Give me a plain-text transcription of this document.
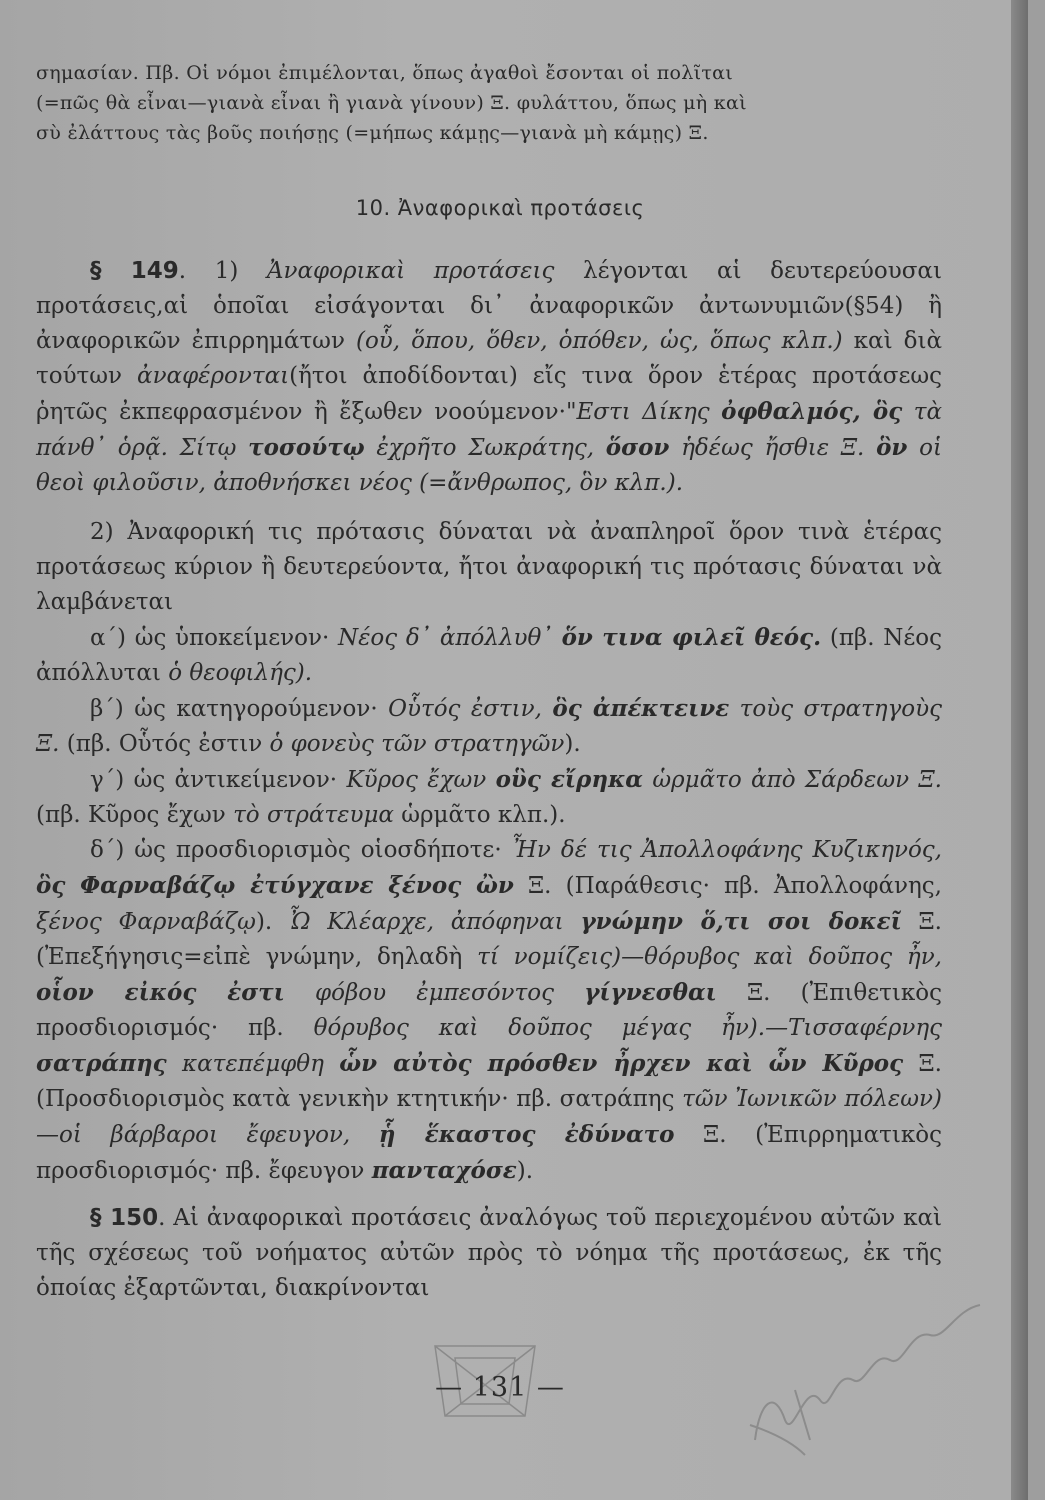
σημασίαν. Πβ. Οἱ νόμοι ἐπιμέλονται, ὅπως ἀγαθοὶ ἔσονται οἱ πολῖται
(=πῶς θὰ εἶναι—γιανὰ εἶναι ἢ γιανὰ γίνουν) Ξ. φυλάττου, ὅπως μὴ καὶ
σὺ ἐλάττους τὰς βοῦς ποιήσῃς (=μήπως κάμῃς—γιανὰ μὴ κάμῃς) Ξ.
10. Ἀναφορικαὶ προτάσεις

§ 149. 1) Ἀναφορικαὶ προτάσεις λέγονται αἱ δευτερεύουσαι προτάσεις,αἱ ὁποῖαι εἰσάγονται δι᾿ ἀναφορικῶν ἀντωνυμιῶν(§54) ἢ ἀναφορικῶν ἐπιρρημάτων (οὗ, ὅπου, ὅθεν, ὁπόθεν, ὡς, ὅπως κλπ.) καὶ διὰ τούτων ἀναφέρονται(ἤτοι ἀποδίδονται) εἴς τινα ὅρον ἑτέρας προτάσεως ῥητῶς ἐκπεφρασμένον ἢ ἔξωθεν νοούμενον·"Εστι Δίκης ὀφθαλμός, ὃς τὰ πάνθ᾿ ὁρᾷ. Σίτῳ τοσούτῳ ἐχρῆτο Σωκράτης, ὅσον ἡδέως ἤσθιε Ξ. ὃν οἱ θεοὶ φιλοῦσιν, ἀποθνήσκει νέος (=ἄνθρωπος, ὃν κλπ.).

2) Ἀναφορική τις πρότασις δύναται νὰ ἀναπληροῖ ὅρον τινὰ ἑτέρας προτάσεως κύριον ἢ δευτερεύοντα, ἤτοι ἀναφορική τις πρότασις δύναται νὰ λαμβάνεται

α΄) ὡς ὑποκείμενον· Νέος δ᾿ ἀπόλλυθ᾿ ὅν τινα φιλεῖ θεός. (πβ. Νέος ἀπόλλυται ὁ θεοφιλής).

β΄) ὡς κατηγορούμενον· Οὗτός ἐστιν, ὃς ἀπέκτεινε τοὺς στρατηγοὺς Ξ. (πβ. Οὗτός ἐστιν ὁ φονεὺς τῶν στρατηγῶν).

γ΄) ὡς ἀντικείμενον· Κῦρος ἔχων οὓς εἴρηκα ὡρμᾶτο ἀπὸ Σάρδεων Ξ. (πβ. Κῦρος ἔχων τὸ στράτευμα ὡρμᾶτο κλπ.).

δ΄) ὡς προσδιορισμὸς οἱοσδήποτε· Ἦν δέ τις Ἀπολλοφάνης Κυζικηνός, ὃς Φαρναβάζῳ ἐτύγχανε ξένος ὢν Ξ. (Παράθεσις· πβ. Ἀπολλοφάνης, ξένος Φαρναβάζῳ). Ὦ Κλέαρχε, ἀπόφηναι γνώμην ὅ,τι σοι δοκεῖ Ξ. (Ἐπεξήγησις=εἰπὲ γνώμην, δηλαδὴ τί νομίζεις)—θόρυβος καὶ δοῦπος ἦν, οἷον εἰκός ἐστι φόβου ἐμπεσόντος γίγνεσθαι Ξ. (Ἐπιθετικὸς προσδιορισμός· πβ. θόρυβος καὶ δοῦπος μέγας ἦν).—Τισσαφέρνης σατράπης κατεπέμφθη ὧν αὐτὸς πρόσθεν ἦρχεν καὶ ὧν Κῦρος Ξ. (Προσδιορισμὸς κατὰ γενικὴν κτητικήν· πβ. σατράπης τῶν Ἰωνικῶν πόλεων)—οἱ βάρβαροι ἔφευγον, ᾗ ἕκαστος ἐδύνατο Ξ. (Ἐπιρρηματικὸς προσδιορισμός· πβ. ἔφευγον πανταχόσε).

§ 150. Αἱ ἀναφορικαὶ προτάσεις ἀναλόγως τοῦ περιεχομένου αὐτῶν καὶ τῆς σχέσεως τοῦ νοήματος αὐτῶν πρὸς τὸ νόημα τῆς προτάσεως, ἐκ τῆς ὁποίας ἐξαρτῶνται, διακρίνονται

— 131 —
